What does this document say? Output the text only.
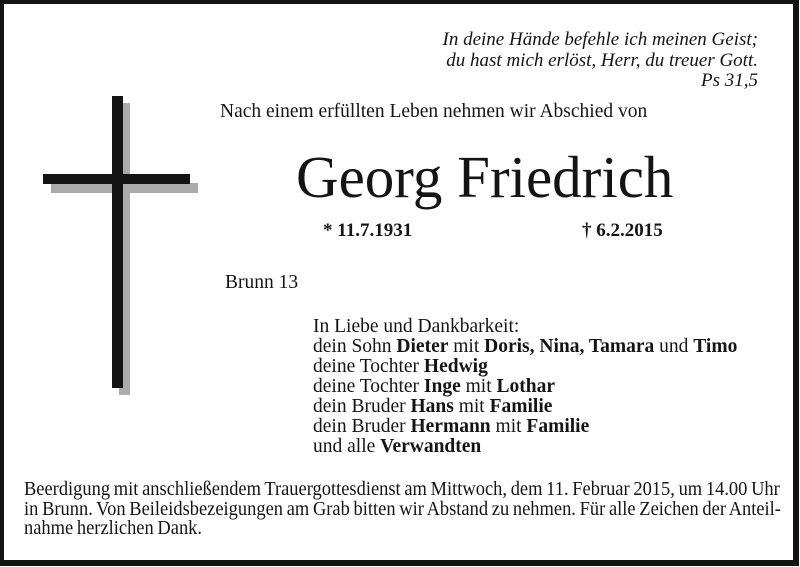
In deine Hände befehle ich meinen Geist;
du hast mich erlöst, Herr, du treuer Gott.
Ps 31,5
Nach einem erfüllten Leben nehmen wir Abschied von
Georg Friedrich
* 11.7.1931	† 6.2.2015
Brunn 13
In Liebe und Dankbarkeit:
dein Sohn Dieter mit Doris, Nina, Tamara und Timo
deine Tochter Hedwig
deine Tochter Inge mit Lothar
dein Bruder Hans mit Familie
dein Bruder Hermann mit Familie
und alle Verwandten
Beerdigung mit anschließendem Trauergottesdienst am Mittwoch, dem 11. Februar 2015, um 14.00 Uhr
in Brunn. Von Beileidsbezeigungen am Grab bitten wir Abstand zu nehmen. Für alle Zeichen der Anteil-
nahme herzlichen Dank.
